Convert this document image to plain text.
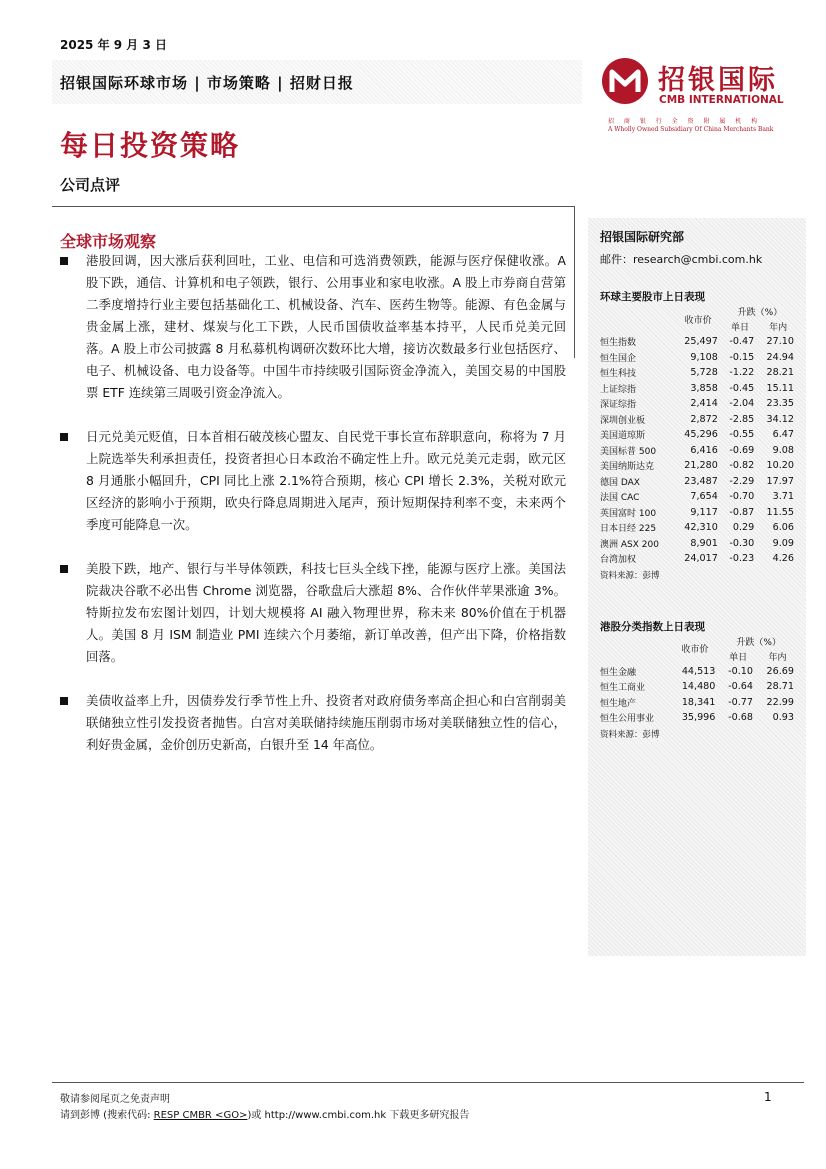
2025 年 9 月 3 日
招银国际环球市场 | 市场策略 | 招财日报	招银国际
CMB INTERNATIONAL
招 商 银 行 全 资 附 属 机 构
A Wholly Owned Subsidiary Of China Merchants Bank
每日投资策略
公司点评
全球市场观察
港股回调，因大涨后获利回吐，工业、电信和可选消费领跌，能源与医疗保健收涨。A 股下跌，通信、计算机和电子领跌，银行、公用事业和家电收涨。A 股上市券商自营第二季度增持行业主要包括基础化工、机械设备、汽车、医药生物等。能源、有色金属与贵金属上涨，建材、煤炭与化工下跌，人民币国债收益率基本持平，人民币兑美元回落。A 股上市公司披露 8 月私募机构调研次数环比大增，接访次数最多行业包括医疗、电子、机械设备、电力设备等。中国牛市持续吸引国际资金净流入，美国交易的中国股票 ETF 连续第三周吸引资金净流入。
日元兑美元贬值，日本首相石破茂核心盟友、自民党干事长宣布辞职意向，称将为 7 月上院选举失利承担责任，投资者担心日本政治不确定性上升。欧元兑美元走弱，欧元区 8 月通胀小幅回升，CPI 同比上涨 2.1%符合预期，核心 CPI 增长 2.3%，关税对欧元区经济的影响小于预期，欧央行降息周期进入尾声，预计短期保持利率不变，未来两个季度可能降息一次。
美股下跌，地产、银行与半导体领跌，科技七巨头全线下挫，能源与医疗上涨。美国法院裁决谷歌不必出售 Chrome 浏览器，谷歌盘后大涨超 8%、合作伙伴苹果涨逾 3%。特斯拉发布宏图计划四，计划大规模将 AI 融入物理世界，称未来 80%价值在于机器人。美国 8 月 ISM 制造业 PMI 连续六个月萎缩，新订单改善，但产出下降，价格指数回落。
美债收益率上升，因债券发行季节性上升、投资者对政府债务率高企担心和白宫削弱美联储独立性引发投资者抛售。白宫对美联储持续施压削弱市场对美联储独立性的信心，利好贵金属，金价创历史新高，白银升至 14 年高位。
招银国际研究部
邮件：research@cmbi.com.hk
环球主要股市上日表现
	收市价	升跌（%）	
		单日	年内
恒生指数	25,497	-0.47	27.10
恒生国企	9,108	-0.15	24.94
恒生科技	5,728	-1.22	28.21
上证综指	3,858	-0.45	15.11
深证综指	2,414	-2.04	23.35
深圳创业板	2,872	-2.85	34.12
美国道琼斯	45,296	-0.55	6.47
美国标普 500	6,416	-0.69	9.08
美国纳斯达克	21,280	-0.82	10.20
德国 DAX	23,487	-2.29	17.97
法国 CAC	7,654	-0.70	3.71
英国富时 100	9,117	-0.87	11.55
日本日经 225	42,310	0.29	6.06
澳洲 ASX 200	8,901	-0.30	9.09
台湾加权	24,017	-0.23	4.26
资料来源：彭博
港股分类指数上日表现
	收市价	升跌（%）	
		单日	年内
恒生金融	44,513	-0.10	26.69
恒生工商业	14,480	-0.64	28.71
恒生地产	18,341	-0.77	22.99
恒生公用事业	35,996	-0.68	0.93
资料来源：彭博
敬请参阅尾页之免责声明
请到彭博 (搜索代码: RESP CMBR <GO>)或 http://www.cmbi.com.hk 下载更多研究报告
1
